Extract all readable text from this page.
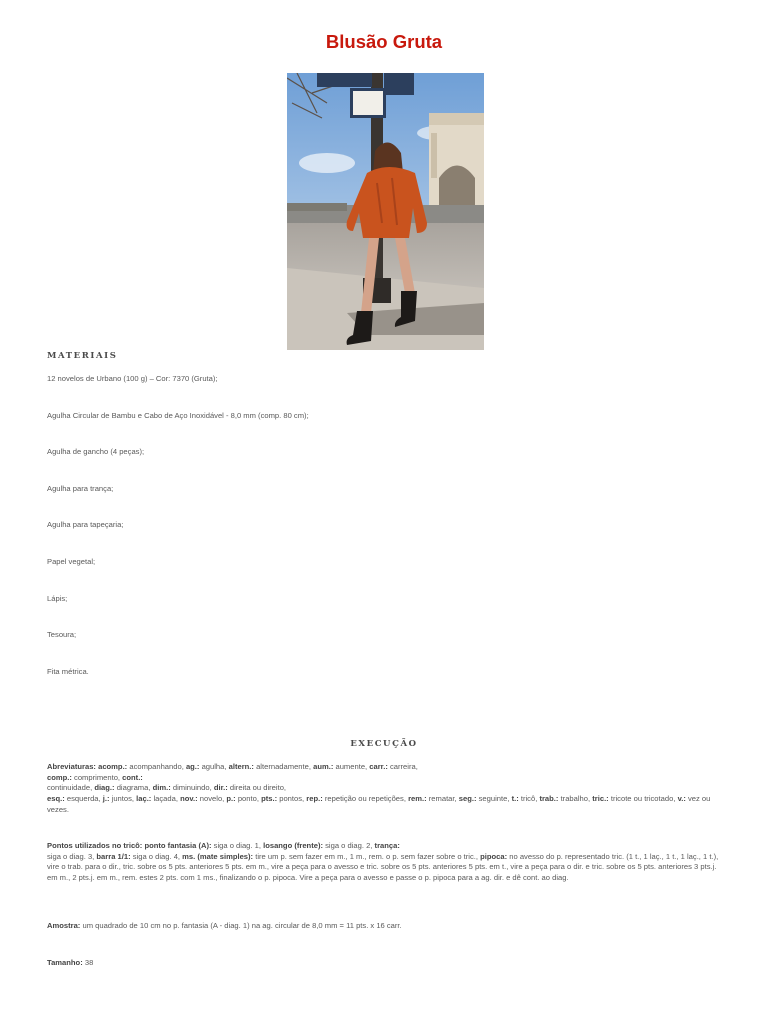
Blusão Gruta
MATERIAIS
12 novelos de Urbano (100 g) – Cor: 7370 (Gruta);
Agulha Circular de Bambu e Cabo de Aço Inoxidável - 8,0 mm (comp. 80 cm);
Agulha de gancho (4 peças);
Agulha para trança;
Agulha para tapeçaria;
Papel vegetal;
Lápis;
Tesoura;
Fita métrica.
EXECUÇÃO

Abreviaturas: acomp.: acompanhando, ag.: agulha, altern.: alternadamente, aum.: aumente, carr.: carreira,
comp.: comprimento, cont.:
continuidade, diag.: diagrama, dim.: diminuindo, dir.: direita ou direito,
esq.: esquerda, j.: juntos, laç.: laçada, nov.: novelo, p.: ponto, pts.: pontos, rep.: repetição ou repetições, rem.: rematar, seg.: seguinte, t.: tricô, trab.: trabalho, tric.: tricote ou tricotado, v.: vez ou vezes.

Pontos utilizados no tricô: ponto fantasia (A): siga o diag. 1, losango (frente): siga o diag. 2, trança:
siga o diag. 3, barra 1/1: siga o diag. 4, ms. (mate simples): tire um p. sem fazer em m., 1 m., rem. o p. sem fazer sobre o tric., pipoca: no avesso do p. representado tric. (1 t., 1 laç., 1 t., 1 laç., 1 t.), vire o trab. para o dir., tric. sobre os 5 pts. anteriores 5 pts. em m., vire a peça para o avesso e tric. sobre os 5 pts. anteriores 5 pts. em t., vire a peça para o dir. e tric. sobre os 5 pts. anteriores 3 pts.j. em m., 2 pts.j. em m., rem. estes 2 pts. com 1 ms., finalizando o p. pipoca. Vire a peça para o avesso e passe o p. pipoca para a ag. dir. e dê cont. ao diag.

Amostra: um quadrado de 10 cm no p. fantasia (A - diag. 1) na ag. circular de 8,0 mm = 11 pts. x 16 carr.

Tamanho: 38
